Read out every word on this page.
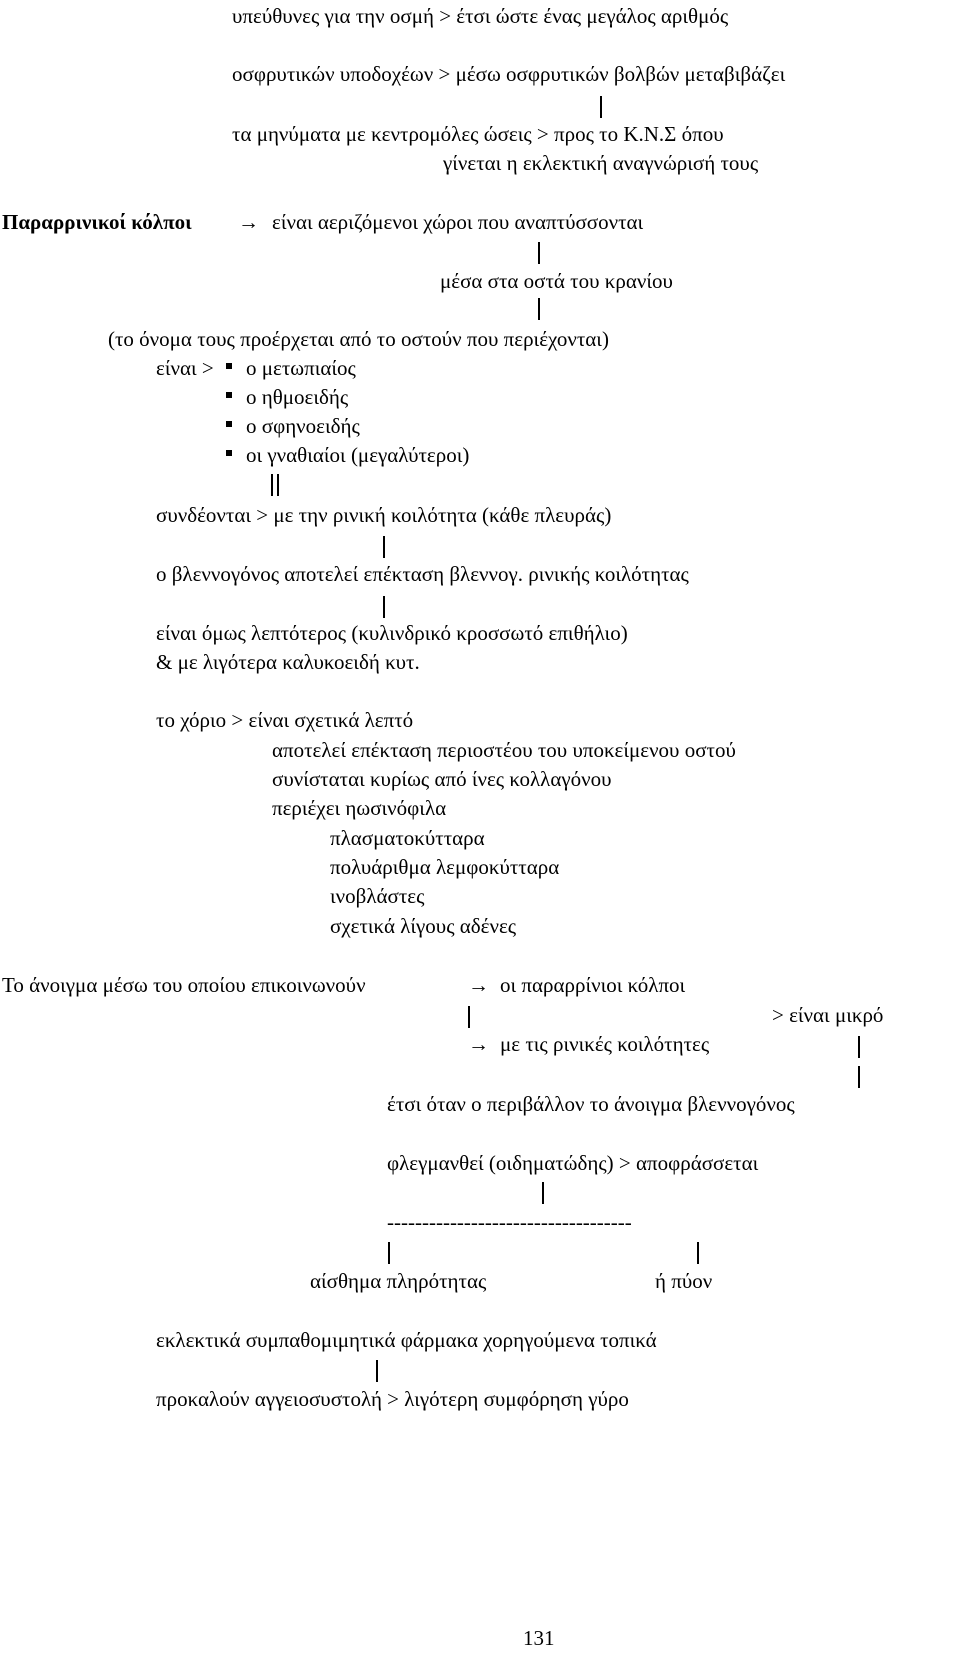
υπεύθυνες για την οσμή > έτσι ώστε ένας μεγάλος αριθμός
οσφρυτικών υποδοχέων > μέσω οσφρυτικών βολβών μεταβιβάζει
τα μηνύματα με κεντρομόλες ώσεις > προς το Κ.Ν.Σ όπου
γίνεται η εκλεκτική αναγνώρισή τους
Παραρρινικοί κόλποι → είναι αεριζόμενοι χώροι που αναπτύσσονται
μέσα στα οστά του κρανίου
(το όνομα τους προέρχεται από το οστούν που περιέχονται)
είναι > ο μετωπιαίος
ο ηθμοειδής
ο σφηνοειδής
οι γναθιαίοι (μεγαλύτεροι)
συνδέονται > με την ρινική κοιλότητα (κάθε πλευράς)
ο βλεννογόνος αποτελεί επέκταση βλεννογ. ρινικής κοιλότητας
είναι όμως λεπτότερος (κυλινδρικό κροσσωτό επιθήλιο)
& με λιγότερα καλυκοειδή κυτ.
το χόριο > είναι σχετικά λεπτό
αποτελεί επέκταση περιοστέου του υποκείμενου οστού
συνίσταται κυρίως από ίνες κολλαγόνου
περιέχει ηωσινόφιλα
πλασματοκύτταρα
πολυάριθμα λεμφοκύτταρα
ινοβλάστες
σχετικά λίγους αδένες
Το άνοιγμα μέσω του οποίου επικοινωνούν	→ οι παραρρίνιοι κόλποι
> είναι μικρό
→ με τις ρινικές κοιλότητες
έτσι όταν ο περιβάλλον το άνοιγμα βλεννογόνος
φλεγμανθεί (οιδηματώδης) > αποφράσσεται
-----------------------------------
αίσθημα πληρότητας	ή πύον
εκλεκτικά συμπαθομιμητικά φάρμακα χορηγούμενα τοπικά
προκαλούν αγγειοσυστολή > λιγότερη συμφόρηση γύρο
131
